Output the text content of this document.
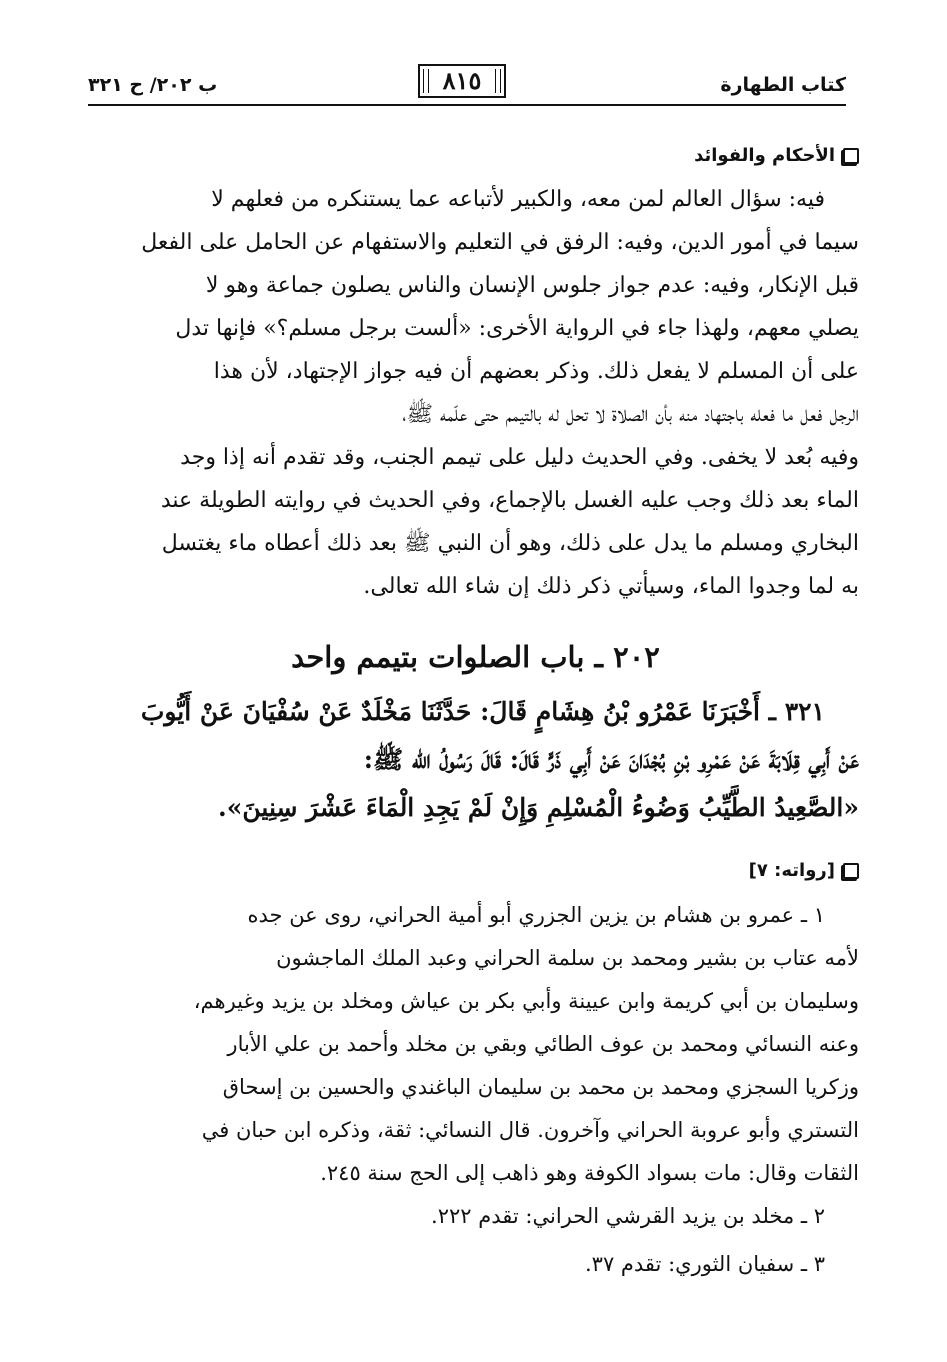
كتاب الطهارة
٨١٥
ب ٢٠٢/ ح ٣٢١
الأحكام والفوائد
فيه: سؤال العالم لمن معه، والكبير لأتباعه عما يستنكره من فعلهم لا
سيما في أمور الدين، وفيه: الرفق في التعليم والاستفهام عن الحامل على الفعل
قبل الإنكار، وفيه: عدم جواز جلوس الإنسان والناس يصلون جماعة وهو لا
يصلي معهم، ولهذا جاء في الرواية الأخرى: «ألست برجل مسلم؟» فإنها تدل
على أن المسلم لا يفعل ذلك. وذكر بعضهم أن فيه جواز الإجتهاد، لأن هذا
الرجل فعل ما فعله باجتهاد منه بأن الصلاة لا تحل له بالتيمم حتى علّمه ﷺ،
وفيه بُعد لا يخفى. وفي الحديث دليل على تيمم الجنب، وقد تقدم أنه إذا وجد
الماء بعد ذلك وجب عليه الغسل بالإجماع، وفي الحديث في روايته الطويلة عند
البخاري ومسلم ما يدل على ذلك، وهو أن النبي ﷺ بعد ذلك أعطاه ماء يغتسل
به لما وجدوا الماء، وسيأتي ذكر ذلك إن شاء الله تعالى.
٢٠٢ ـ باب الصلوات بتيمم واحد
٣٢١ ـ أَخْبَرَنَا عَمْرُو بْنُ هِشَامٍ قَالَ: حَدَّثَنَا مَخْلَدٌ عَنْ سُفْيَانَ عَنْ أَيُّوبَ
عَنْ أَبِي قِلَابَةَ عَنْ عَمْرِو بْنِ بُجْدَانَ عَنْ أَبِي ذَرٍّ قَالَ: قَالَ رَسُولُ الله ﷺ:
«الصَّعِيدُ الطَّيِّبُ وَضُوءُ الْمُسْلِمِ وَإِنْ لَمْ يَجِدِ الْمَاءَ عَشْرَ سِنِينَ».
[رواته: ٧]
١ ـ عمرو بن هشام بن يزين الجزري أبو أمية الحراني، روى عن جده
لأمه عتاب بن بشير ومحمد بن سلمة الحراني وعبد الملك الماجشون
وسليمان بن أبي كريمة وابن عيينة وأبي بكر بن عياش ومخلد بن يزيد وغيرهم،
وعنه النسائي ومحمد بن عوف الطائي وبقي بن مخلد وأحمد بن علي الأبار
وزكريا السجزي ومحمد بن محمد بن سليمان الباغندي والحسين بن إسحاق
التستري وأبو عروبة الحراني وآخرون. قال النسائي: ثقة، وذكره ابن حبان في
الثقات وقال: مات بسواد الكوفة وهو ذاهب إلى الحج سنة ٢٤٥.
٢ ـ مخلد بن يزيد القرشي الحراني: تقدم ٢٢٢.
٣ ـ سفيان الثوري: تقدم ٣٧.
